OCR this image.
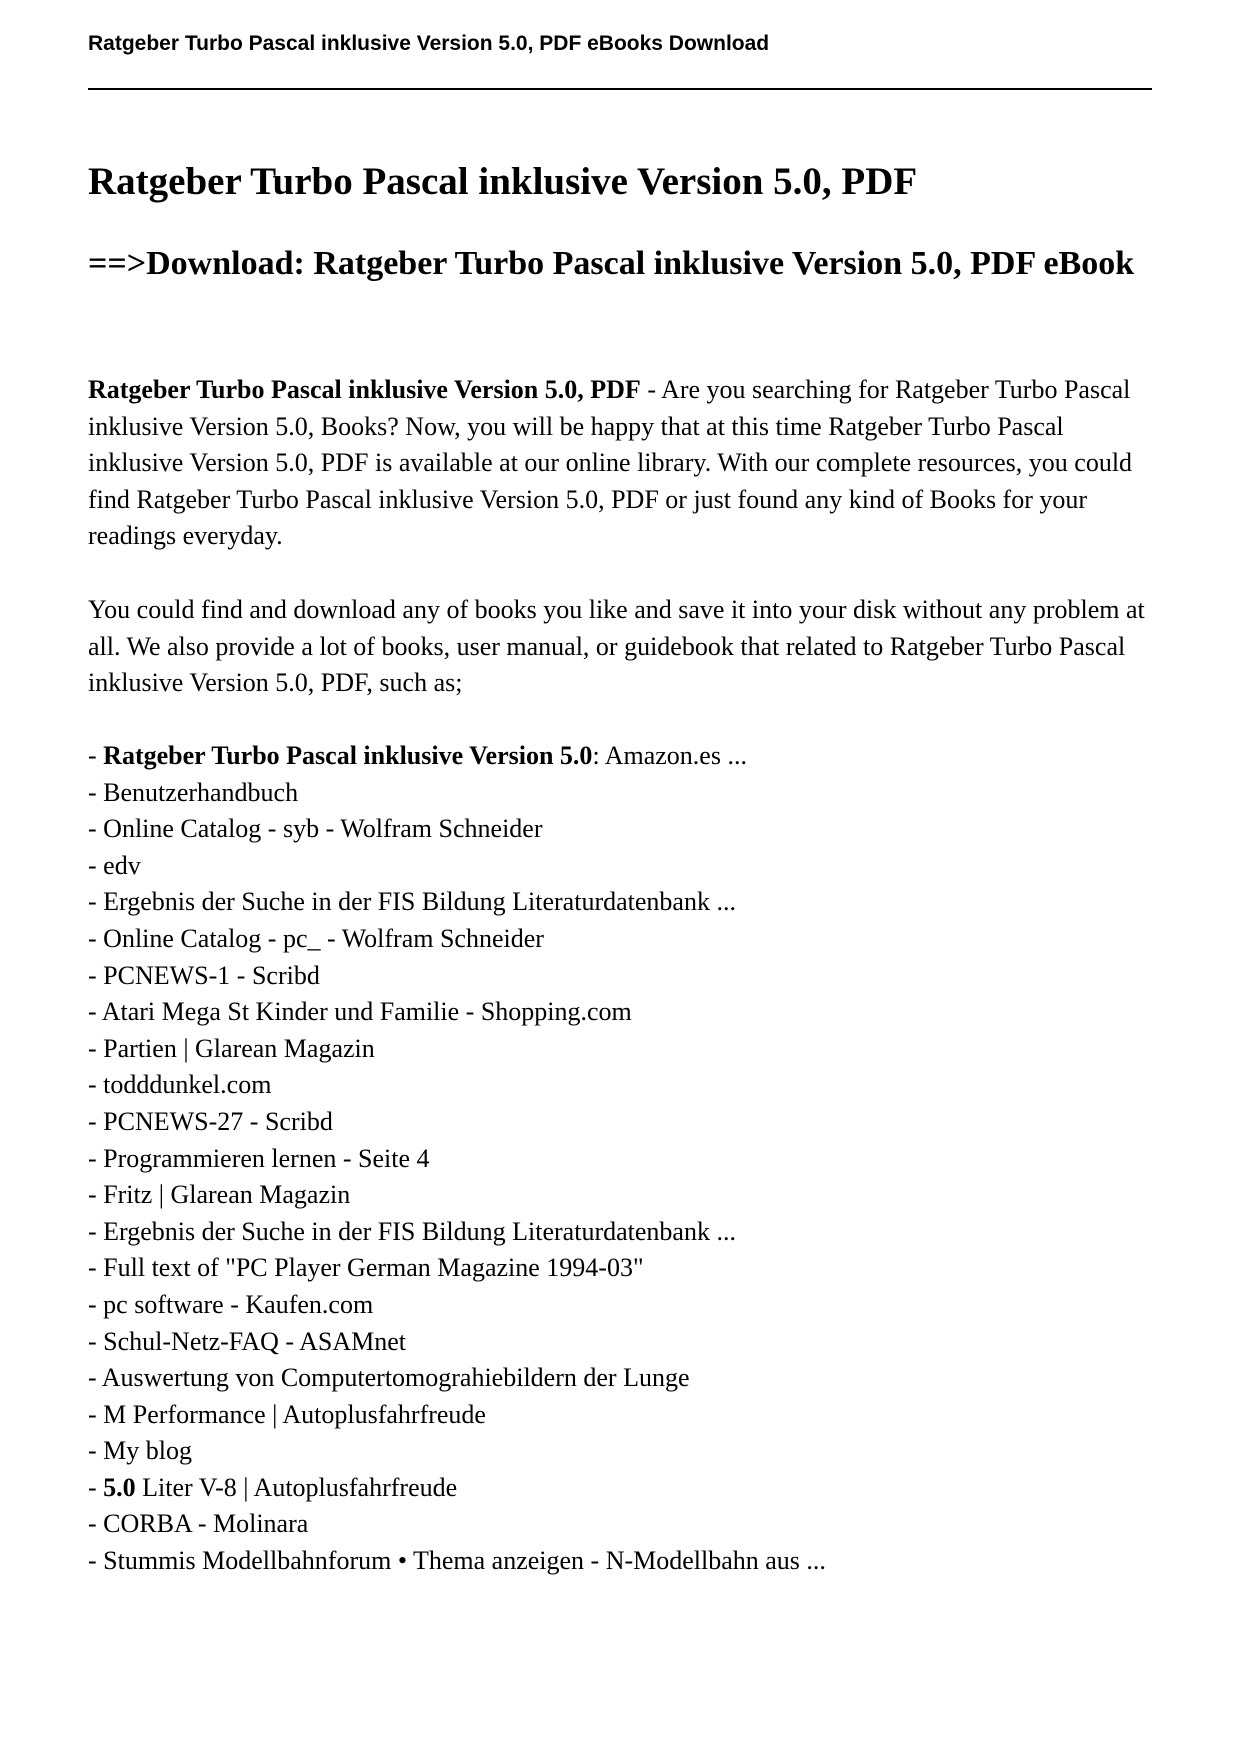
Ratgeber Turbo Pascal inklusive Version 5.0, PDF eBooks Download
Ratgeber Turbo Pascal inklusive Version 5.0, PDF
==>Download: Ratgeber Turbo Pascal inklusive Version 5.0, PDF eBook

Ratgeber Turbo Pascal inklusive Version 5.0, PDF - Are you searching for Ratgeber Turbo Pascal inklusive Version 5.0, Books? Now, you will be happy that at this time Ratgeber Turbo Pascal inklusive Version 5.0, PDF is available at our online library. With our complete resources, you could find Ratgeber Turbo Pascal inklusive Version 5.0, PDF or just found any kind of Books for your readings everyday.

You could find and download any of books you like and save it into your disk without any problem at all. We also provide a lot of books, user manual, or guidebook that related to Ratgeber Turbo Pascal inklusive Version 5.0, PDF, such as;

- Ratgeber Turbo Pascal inklusive Version 5.0: Amazon.es ...
- Benutzerhandbuch
- Online Catalog - syb - Wolfram Schneider
- edv
- Ergebnis der Suche in der FIS Bildung Literaturdatenbank ...
- Online Catalog - pc_ - Wolfram Schneider
- PCNEWS-1 - Scribd
- Atari Mega St Kinder und Familie - Shopping.com
- Partien | Glarean Magazin
- todddunkel.com
- PCNEWS-27 - Scribd
- Programmieren lernen - Seite 4
- Fritz | Glarean Magazin
- Ergebnis der Suche in der FIS Bildung Literaturdatenbank ...
- Full text of "PC Player German Magazine 1994-03"
- pc software - Kaufen.com
- Schul-Netz-FAQ - ASAMnet
- Auswertung von Computertomograhiebildern der Lunge
- M Performance | Autoplusfahrfreude
- My blog
- 5.0 Liter V-8 | Autoplusfahrfreude
- CORBA - Molinara
- Stummis Modellbahnforum • Thema anzeigen - N-Modellbahn aus ...
